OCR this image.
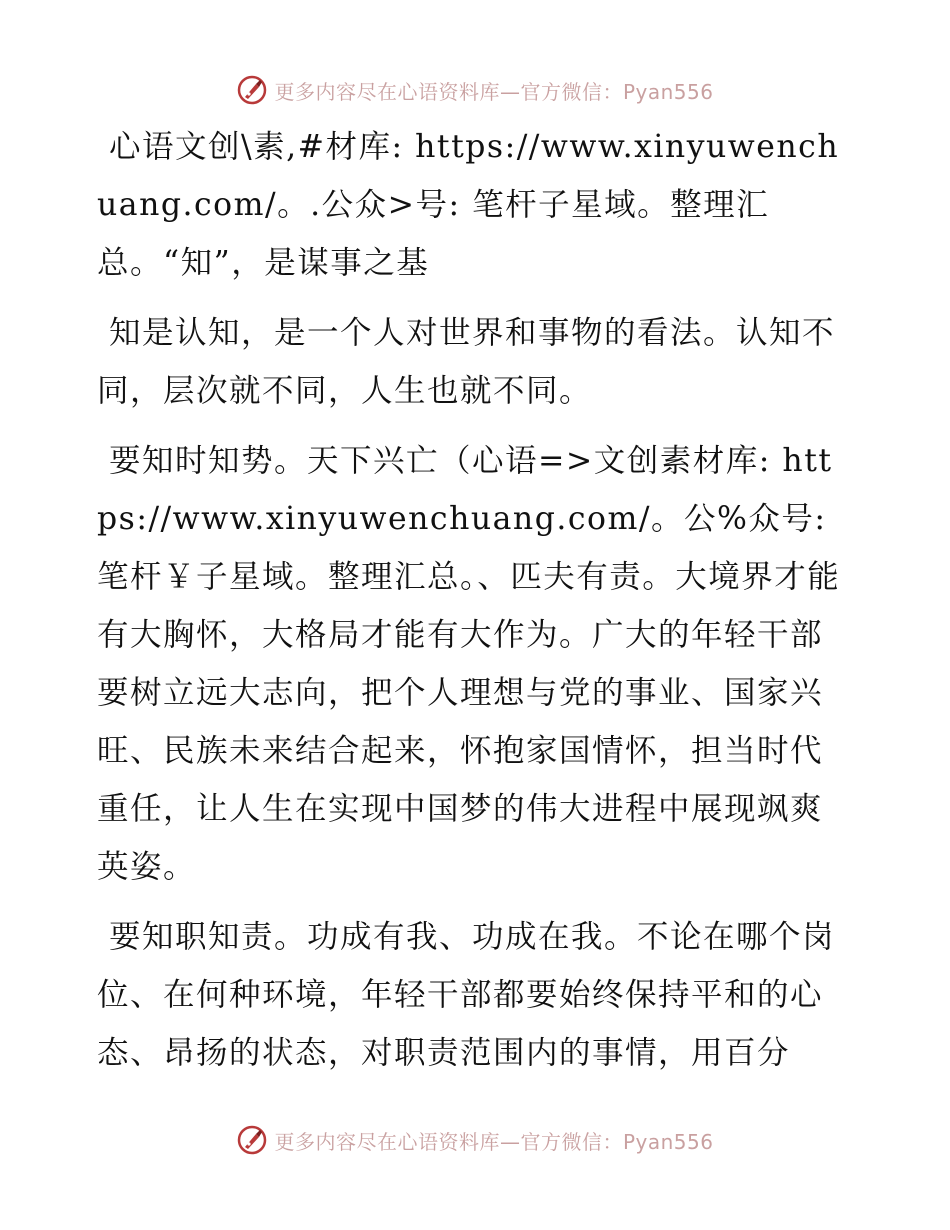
更多内容尽在心语资料库—官方微信：Pyan556

心语文创\素,#材库: https://www.xinyuwenchuang.com/。.公众>号: 笔杆子星域。整理汇总。“知”，是谋事之基

知是认知，是一个人对世界和事物的看法。认知不同，层次就不同，人生也就不同。

要知时知势。天下兴亡（心语=>文创素材库: https://www.xinyuwenchuang.com/。公%众号: 笔杆￥子星域。整理汇总。、匹夫有责。大境界才能有大胸怀，大格局才能有大作为。广大的年轻干部要树立远大志向，把个人理想与党的事业、国家兴旺、民族未来结合起来，怀抱家国情怀，担当时代重任，让人生在实现中国梦的伟大进程中展现飒爽英姿。

要知职知责。功成有我、功成在我。不论在哪个岗位、在何种环境，年轻干部都要始终保持平和的心态、昂扬的状态，对职责范围内的事情，用百分

更多内容尽在心语资料库—官方微信：Pyan556
